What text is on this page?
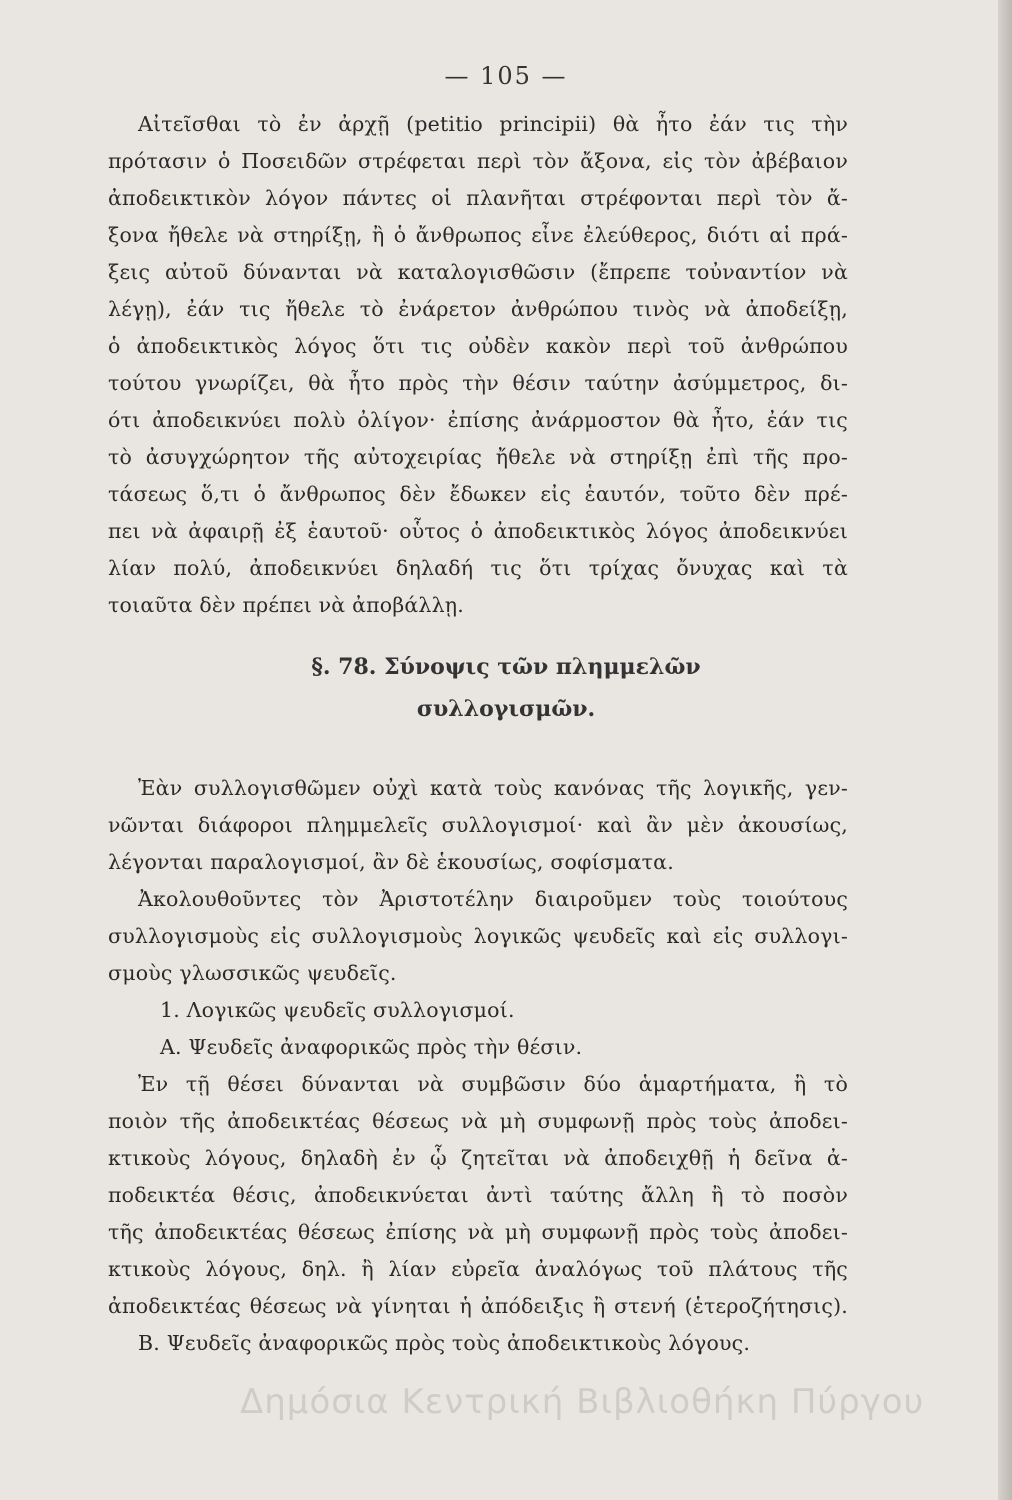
— 105 —
Αἰτεῖσθαι τὸ ἐν ἀρχῇ (petitio principii) θὰ ἦτο ἐάν τις τὴν
πρότασιν ὁ Ποσειδῶν στρέφεται περὶ τὸν ἄξονα, εἰς τὸν ἀβέβαιον
ἀποδεικτικὸν λόγον πάντες οἱ πλανῆται στρέφονται περὶ τὸν ἄ-
ξονα ἤθελε νὰ στηρίξῃ, ἢ ὁ ἄνθρωπος εἶνε ἐλεύθερος, διότι αἱ πρά-
ξεις αὐτοῦ δύνανται νὰ καταλογισθῶσιν (ἔπρεπε τοὐναντίον νὰ
λέγῃ), ἐάν τις ἤθελε τὸ ἐνάρετον ἀνθρώπου τινὸς νὰ ἀποδείξῃ,
ὁ ἀποδεικτικὸς λόγος ὅτι τις οὐδὲν κακὸν περὶ τοῦ ἀνθρώπου
τούτου γνωρίζει, θὰ ἦτο πρὸς τὴν θέσιν ταύτην ἀσύμμετρος, δι-
ότι ἀποδεικνύει πολὺ ὀλίγον· ἐπίσης ἀνάρμοστον θὰ ἦτο, ἐάν τις
τὸ ἀσυγχώρητον τῆς αὐτοχειρίας ἤθελε νὰ στηρίξῃ ἐπὶ τῆς προ-
τάσεως ὅ,τι ὁ ἄνθρωπος δὲν ἔδωκεν εἰς ἑαυτόν, τοῦτο δὲν πρέ-
πει νὰ ἀφαιρῇ ἐξ ἑαυτοῦ· οὗτος ὁ ἀποδεικτικὸς λόγος ἀποδεικνύει
λίαν πολύ, ἀποδεικνύει δηλαδή τις ὅτι τρίχας ὄνυχας καὶ τὰ
τοιαῦτα δὲν πρέπει νὰ ἀποβάλλῃ.
§. 78. Σύνοψις τῶν πλημμελῶν
συλλογισμῶν.
Ἐὰν συλλογισθῶμεν οὐχὶ κατὰ τοὺς κανόνας τῆς λογικῆς, γεν-
νῶνται διάφοροι πλημμελεῖς συλλογισμοί· καὶ ἂν μὲν ἀκουσίως,
λέγονται παραλογισμοί, ἂν δὲ ἑκουσίως, σοφίσματα.
Ἀκολουθοῦντες τὸν Ἀριστοτέλην διαιροῦμεν τοὺς τοιούτους
συλλογισμοὺς εἰς συλλογισμοὺς λογικῶς ψευδεῖς καὶ εἰς συλλογι-
σμοὺς γλωσσικῶς ψευδεῖς.
1. Λογικῶς ψευδεῖς συλλογισμοί.
Α. Ψευδεῖς ἀναφορικῶς πρὸς τὴν θέσιν.
Ἐν τῇ θέσει δύνανται νὰ συμβῶσιν δύο ἁμαρτήματα, ἢ τὸ
ποιὸν τῆς ἀποδεικτέας θέσεως νὰ μὴ συμφωνῇ πρὸς τοὺς ἀποδει-
κτικοὺς λόγους, δηλαδὴ ἐν ᾧ ζητεῖται νὰ ἀποδειχθῇ ἡ δεῖνα ἀ-
ποδεικτέα θέσις, ἀποδεικνύεται ἀντὶ ταύτης ἄλλη ἢ τὸ ποσὸν
τῆς ἀποδεικτέας θέσεως ἐπίσης νὰ μὴ συμφωνῇ πρὸς τοὺς ἀποδει-
κτικοὺς λόγους, δηλ. ἢ λίαν εὐρεῖα ἀναλόγως τοῦ πλάτους τῆς
ἀποδεικτέας θέσεως νὰ γίνηται ἡ ἀπόδειξις ἢ στενή (ἑτεροζήτησις).
Β. Ψευδεῖς ἀναφορικῶς πρὸς τοὺς ἀποδεικτικοὺς λόγους.
Δημόσια Κεντρική Βιβλιοθήκη Πύργου
